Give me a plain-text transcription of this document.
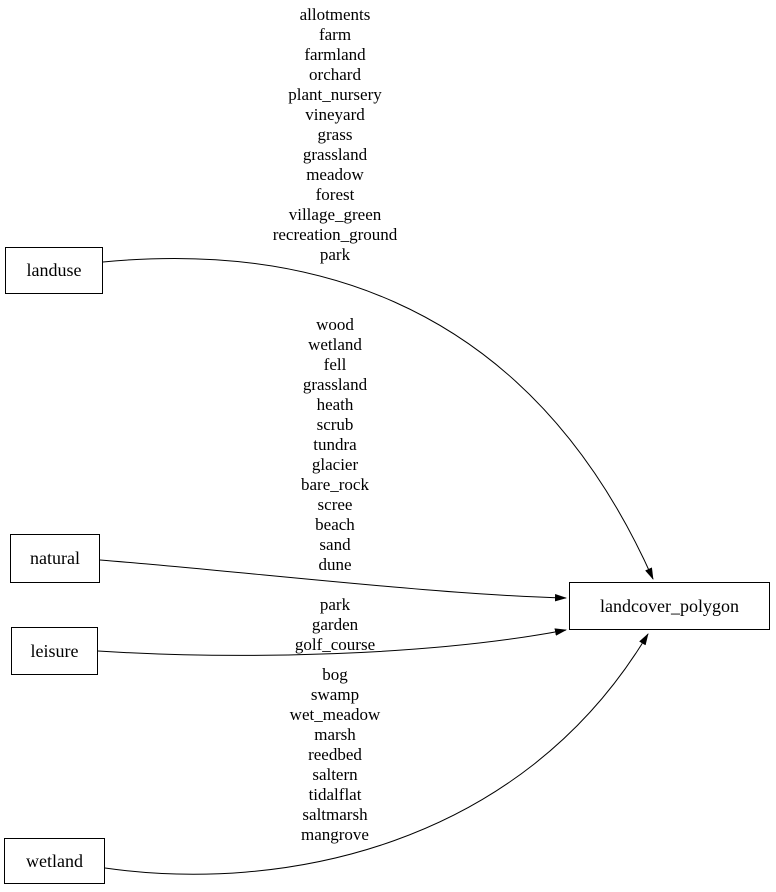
landuse
natural
leisure
wetland
landcover_polygon
allotments
farm
farmland
orchard
plant_nursery
vineyard
grass
grassland
meadow
forest
village_green
recreation_ground
park
wood
wetland
fell
grassland
heath
scrub
tundra
glacier
bare_rock
scree
beach
sand
dune
park
garden
golf_course
bog
swamp
wet_meadow
marsh
reedbed
saltern
tidalflat
saltmarsh
mangrove
